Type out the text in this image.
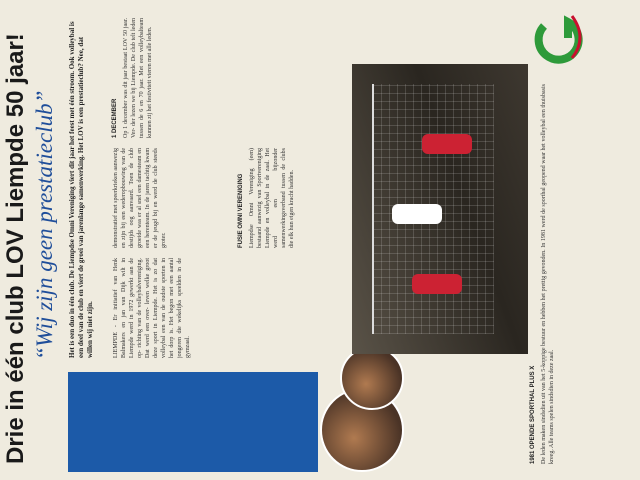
Drie in één club LOV Liempde 50 jaar! “Wij zijn geen prestatieclub” Het is een duo in één club. De Liempdse Omni Vereniging viert dit jaar het feest met één stroom. Ook volleybal is een deel van de club en viert de groei van jarenlange samenwerking. Het LOV is een prestatieclub? Nee, dat willen wij niet zijn.	LIEMPDE - Er initiatief van Henk Balmakers en jan van Dijk wilt in Liempde werd in 1972 gewerkt aan de op- richting van de volleybalvereniging. Dat werd een over- leven welke groot deze sport in Liempde. Het is zo dat volleybal een van de oudste sporten in het dorp is. Het begon met een aantal jongeren die wekelijks speelden in de gymzaal.
demonstratief met speerkrieken aanwezig en zijn bij een wederopbouwing van de destijds oog aanvaard. Toen de club groeide was er al snel een damesteam en een herenteam. In de jaren tachtig kwam er de jeugd bij en werd de club steeds groter.	FUSIE OMNI VERENIGING Liempdse Omni Vereniging (een) bestaand aanwezig van Sportvereniging Liempde en volleybal in de zaal. Het werd een bijzonder samenwerkingsverband tussen de clubs die elk hun eigen kracht hadden.
1 DECEMBER Op 1 december was dit jaar bestaat LOV 50 jaar. Ver- der lezen we bij Liempde. De club telt leden tussen de 6 en 70 jaar. Met een volleybalteam kunnen zij het festiviteit vieren met alle leden.
1981 OPENDE SPORTHAL PLUS X De leden maken sindsdien uit van het 5-koppige bestuur en hebben het prettig gevonden. In 1981 werd de sporthal geopend waar het volleybal een thuisbasis kreeg. Alle teams spelen sindsdien in deze zaal.
